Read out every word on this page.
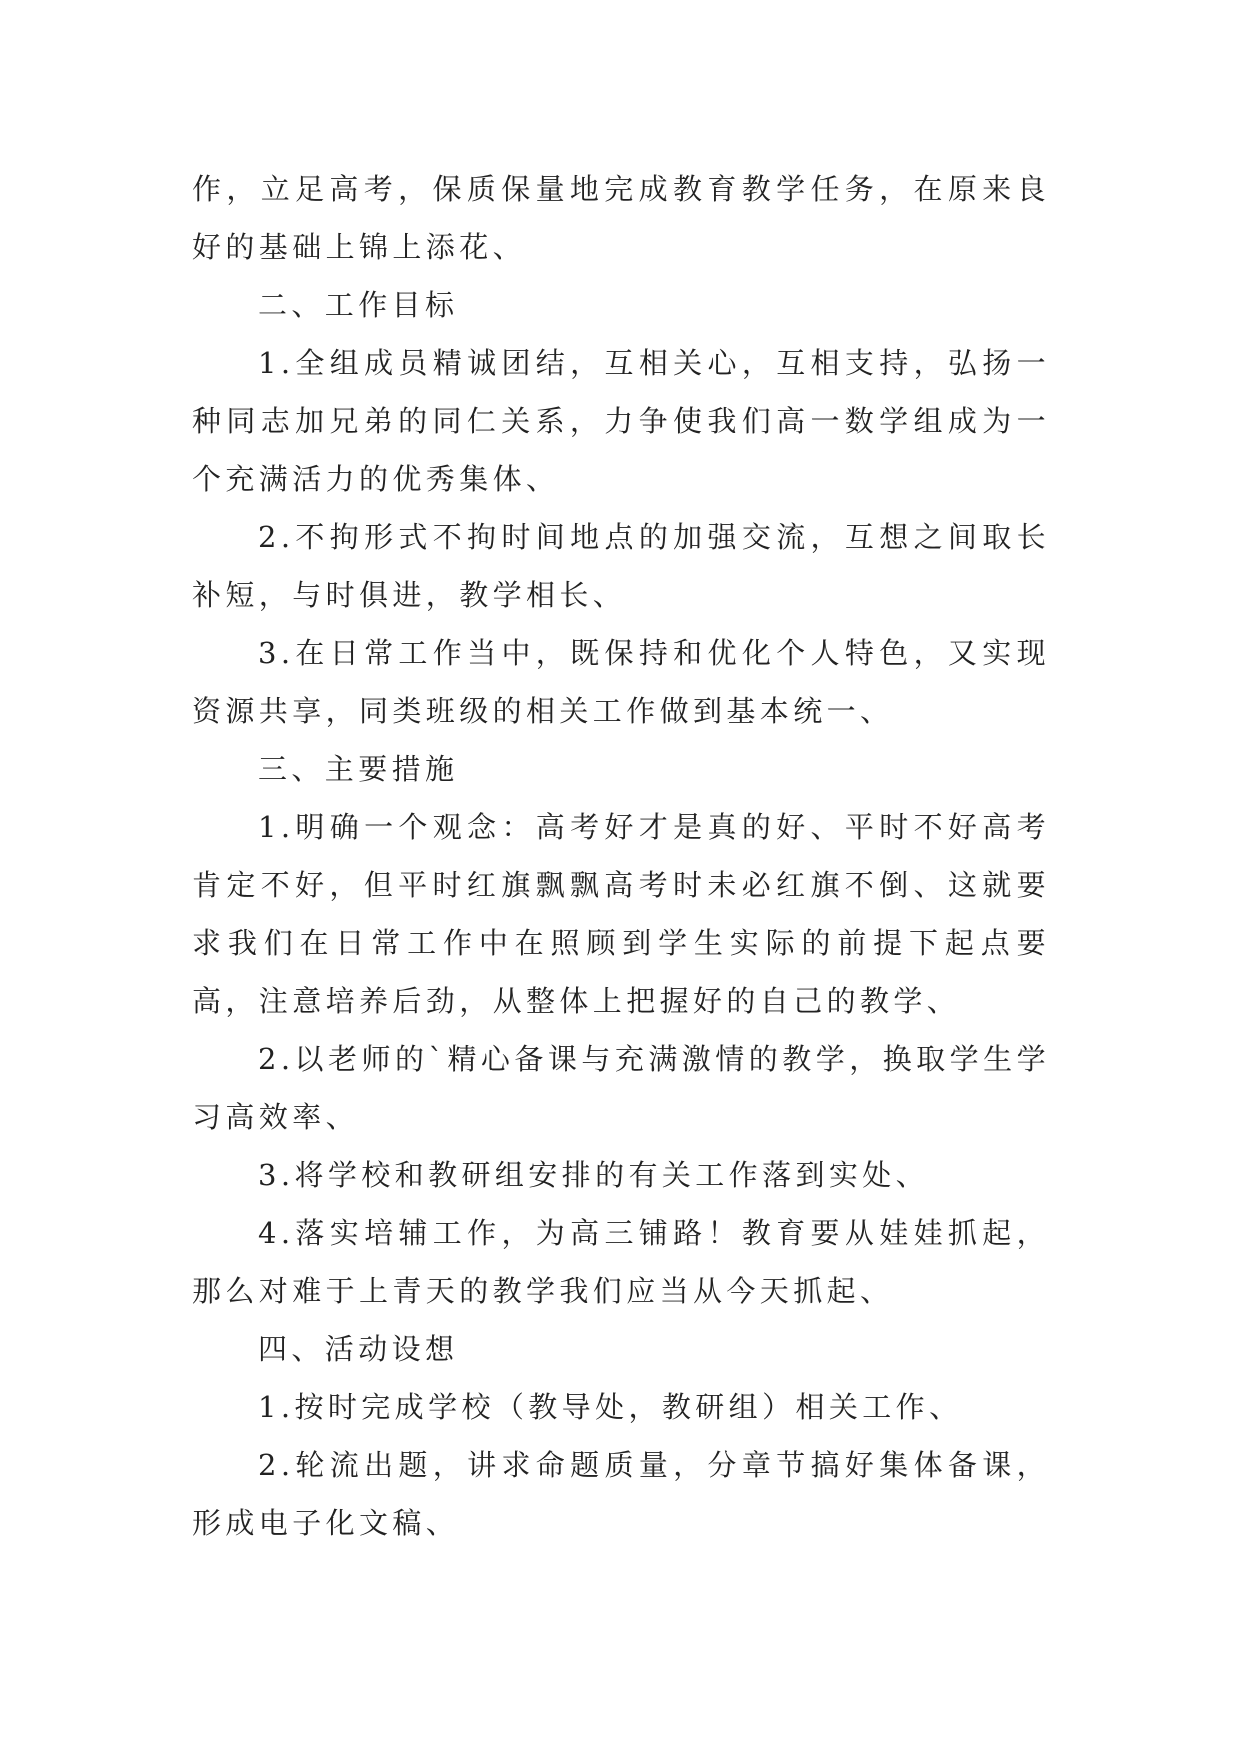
作，立足高考，保质保量地完成教育教学任务，在原来良好的基础上锦上添花、

二、工作目标

1.全组成员精诚团结，互相关心，互相支持，弘扬一种同志加兄弟的同仁关系，力争使我们高一数学组成为一个充满活力的优秀集体、

2.不拘形式不拘时间地点的加强交流，互想之间取长补短，与时俱进，教学相长、

3.在日常工作当中，既保持和优化个人特色，又实现资源共享，同类班级的相关工作做到基本统一、

三、主要措施

1.明确一个观念：高考好才是真的好、平时不好高考肯定不好，但平时红旗飘飘高考时未必红旗不倒、这就要求我们在日常工作中在照顾到学生实际的前提下起点要高，注意培养后劲，从整体上把握好的自己的教学、

2.以老师的`精心备课与充满激情的教学，换取学生学习高效率、

3.将学校和教研组安排的有关工作落到实处、

4.落实培辅工作，为高三铺路！教育要从娃娃抓起，那么对难于上青天的教学我们应当从今天抓起、

四、活动设想

1.按时完成学校（教导处，教研组）相关工作、

2.轮流出题，讲求命题质量，分章节搞好集体备课，形成电子化文稿、
